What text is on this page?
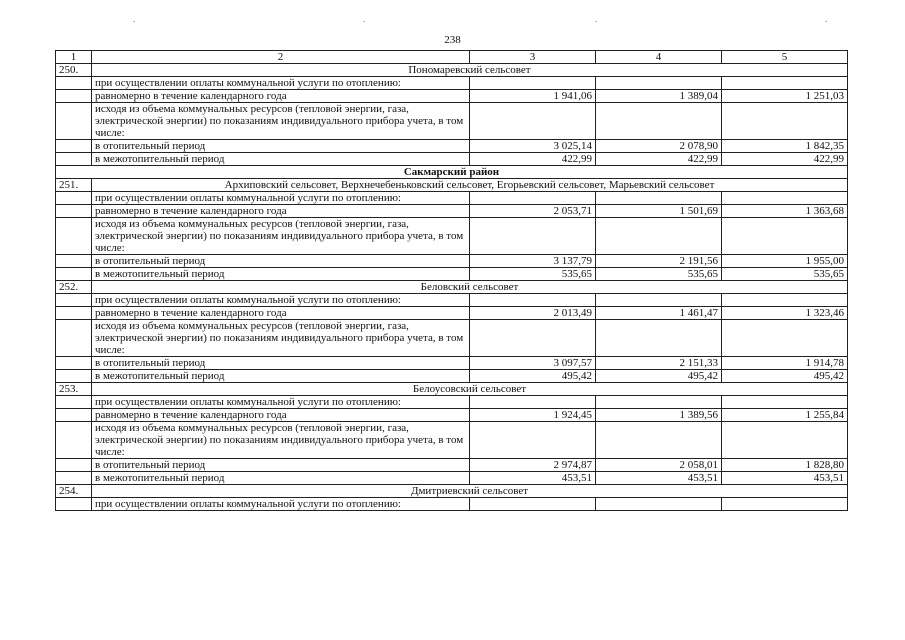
.	.	.	.
238
1	2	3	4	5
250.	Пономаревский сельсовет			
	при осуществлении оплаты коммунальной услуги по отоплению:			
	равномерно в течение календарного года	1 941,06	1 389,04	1 251,03
	исходя из объема коммунальных ресурсов (тепловой энергии, газа, электрической энергии) по показаниям индивидуального прибора учета, в том числе:			
	в отопительный период	3 025,14	2 078,90	1 842,35
	в межотопительный период	422,99	422,99	422,99
Сакмарский район				
251.	Архиповский сельсовет, Верхнечебеньковский сельсовет, Егорьевский сельсовет, Марьевский сельсовет			
	при осуществлении оплаты коммунальной услуги по отоплению:			
	равномерно в течение календарного года	2 053,71	1 501,69	1 363,68
	исходя из объема коммунальных ресурсов (тепловой энергии, газа, электрической энергии) по показаниям индивидуального прибора учета, в том числе:			
	в отопительный период	3 137,79	2 191,56	1 955,00
	в межотопительный период	535,65	535,65	535,65
252.	Беловский сельсовет			
	при осуществлении оплаты коммунальной услуги по отоплению:			
	равномерно в течение календарного года	2 013,49	1 461,47	1 323,46
	исходя из объема коммунальных ресурсов (тепловой энергии, газа, электрической энергии) по показаниям индивидуального прибора учета, в том числе:			
	в отопительный период	3 097,57	2 151,33	1 914,78
	в межотопительный период	495,42	495,42	495,42
253.	Белоусовский сельсовет			
	при осуществлении оплаты коммунальной услуги по отоплению:			
	равномерно в течение календарного года	1 924,45	1 389,56	1 255,84
	исходя из объема коммунальных ресурсов (тепловой энергии, газа, электрической энергии) по показаниям индивидуального прибора учета, в том числе:			
	в отопительный период	2 974,87	2 058,01	1 828,80
	в межотопительный период	453,51	453,51	453,51
254.	Дмитриевский сельсовет			
	при осуществлении оплаты коммунальной услуги по отоплению:			
